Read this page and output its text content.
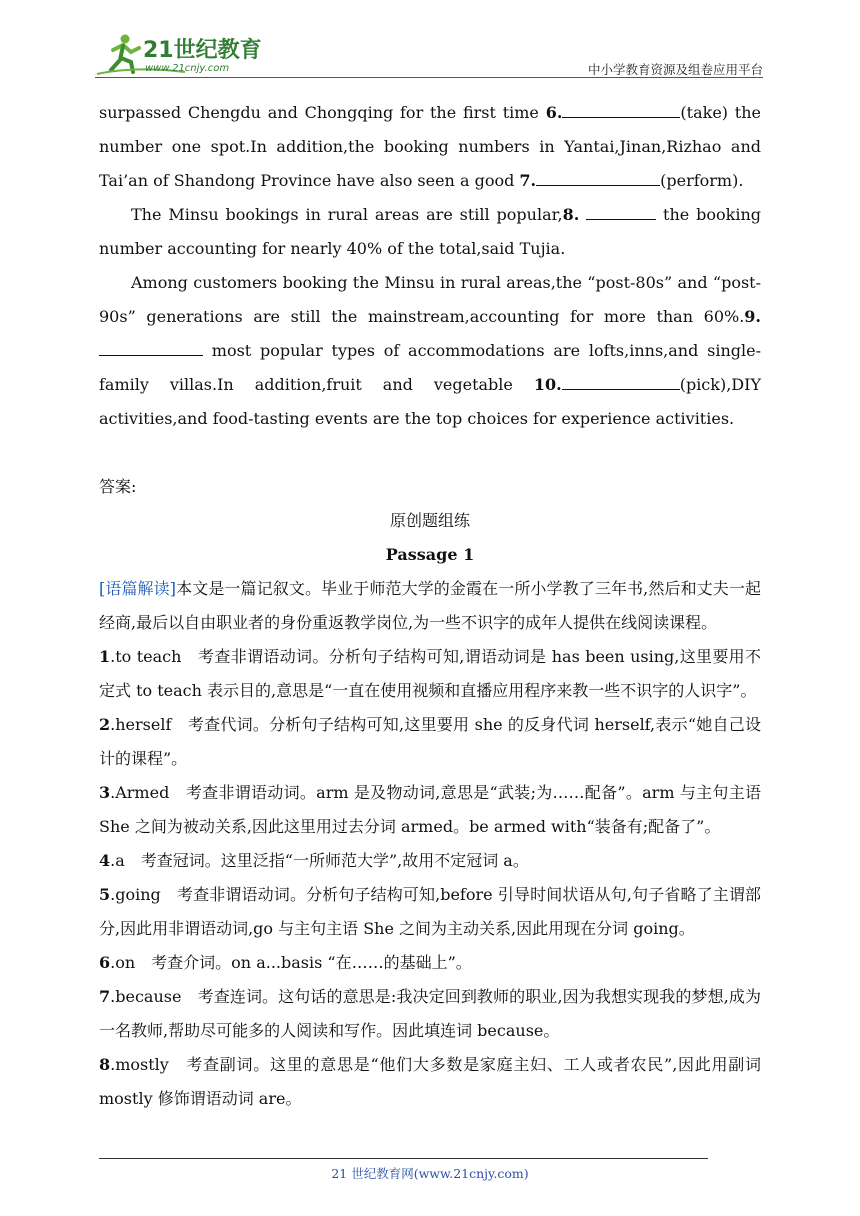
21世纪教育
www.21cnjy.com	中小学教育资源及组卷应用平台

surpassed Chengdu and Chongqing for the first time 6.	(take) the number one spot.In addition,the booking numbers in Yantai,Jinan,Rizhao and Tai’an of Shandong Province have also seen a good 7.	(perform).

The Minsu bookings in rural areas are still popular,8.	the booking number accounting for nearly 40% of the total,said Tujia.

Among customers booking the Minsu in rural areas,the “post-80s” and “post-90s” generations are still the mainstream,accounting for more than 60%.9. most popular types of accommodations are lofts,inns,and single-family villas.In addition,fruit and vegetable 10.	(pick),DIY activities,and food-tasting events are the top choices for experience activities.

答案:

原创题组练

Passage 1

[语篇解读]本文是一篇记叙文。毕业于师范大学的金霞在一所小学教了三年书,然后和丈夫一起经商,最后以自由职业者的身份重返教学岗位,为一些不识字的成年人提供在线阅读课程。

1.to teach　考查非谓语动词。分析句子结构可知,谓语动词是 has been using,这里要用不定式 to teach 表示目的,意思是“一直在使用视频和直播应用程序来教一些不识字的人识字”。

2.herself　考查代词。分析句子结构可知,这里要用 she 的反身代词 herself,表示“她自己设计的课程”。

3.Armed　考查非谓语动词。arm 是及物动词,意思是“武装;为……配备”。arm 与主句主语 She 之间为被动关系,因此这里用过去分词 armed。be armed with“装备有;配备了”。

4.a　考查冠词。这里泛指“一所师范大学”,故用不定冠词 a。

5.going　考查非谓语动词。分析句子结构可知,before 引导时间状语从句,句子省略了主谓部分,因此用非谓语动词,go 与主句主语 She 之间为主动关系,因此用现在分词 going。

6.on　考查介词。on a...basis “在……的基础上”。

7.because　考查连词。这句话的意思是:我决定回到教师的职业,因为我想实现我的梦想,成为一名教师,帮助尽可能多的人阅读和写作。因此填连词 because。

8.mostly　考查副词。这里的意思是“他们大多数是家庭主妇、工人或者农民”,因此用副词 mostly 修饰谓语动词 are。

21 世纪教育网(www.21cnjy.com)
